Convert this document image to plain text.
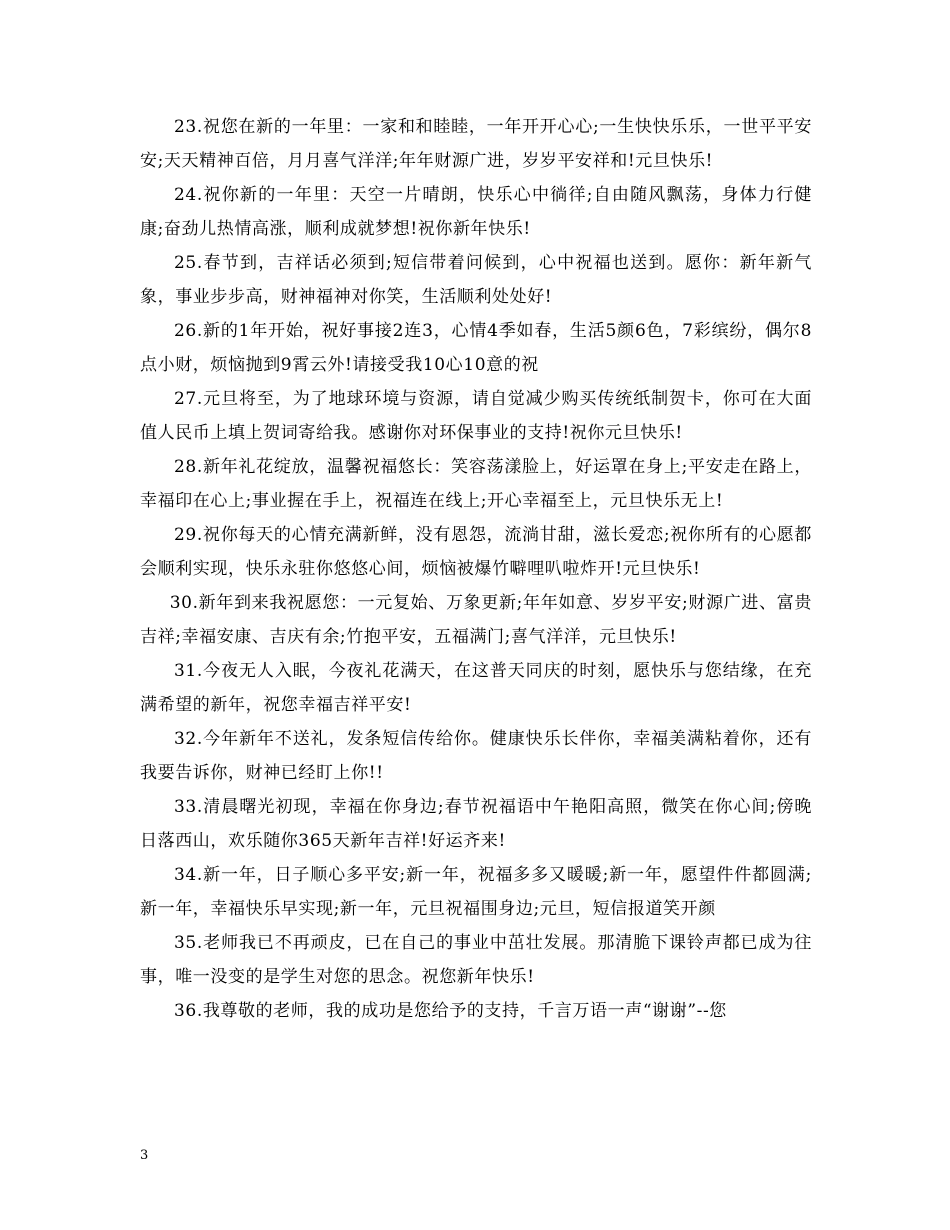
23.祝您在新的一年里：一家和和睦睦，一年开开心心;一生快快乐乐，一世平平安安;天天精神百倍，月月喜气洋洋;年年财源广进，岁岁平安祥和!元旦快乐!

24.祝你新的一年里：天空一片晴朗，快乐心中徜徉;自由随风飘荡，身体力行健康;奋劲儿热情高涨，顺利成就梦想!祝你新年快乐!

25.春节到，吉祥话必须到;短信带着问候到，心中祝福也送到。愿你：新年新气象，事业步步高，财神福神对你笑，生活顺利处处好!

26.新的1年开始，祝好事接2连3，心情4季如春，生活5颜6色，7彩缤纷，偶尔8点小财，烦恼抛到9霄云外!请接受我10心10意的祝

27.元旦将至，为了地球环境与资源，请自觉减少购买传统纸制贺卡，你可在大面值人民币上填上贺词寄给我。感谢你对环保事业的支持!祝你元旦快乐!

28.新年礼花绽放，温馨祝福悠长：笑容荡漾脸上，好运罩在身上;平安走在路上，幸福印在心上;事业握在手上，祝福连在线上;开心幸福至上，元旦快乐无上!

29.祝你每天的心情充满新鲜，没有恩怨，流淌甘甜，滋长爱恋;祝你所有的心愿都会顺利实现，快乐永驻你悠悠心间，烦恼被爆竹噼哩叭啦炸开!元旦快乐!

30.新年到来我祝愿您：一元复始、万象更新;年年如意、岁岁平安;财源广进、富贵吉祥;幸福安康、吉庆有余;竹抱平安，五福满门;喜气洋洋，元旦快乐!

31.今夜无人入眠，今夜礼花满天，在这普天同庆的时刻，愿快乐与您结缘，在充满希望的新年，祝您幸福吉祥平安!

32.今年新年不送礼，发条短信传给你。健康快乐长伴你，幸福美满粘着你，还有我要告诉你，财神已经盯上你!!

33.清晨曙光初现，幸福在你身边;春节祝福语中午艳阳高照，微笑在你心间;傍晚日落西山，欢乐随你365天新年吉祥!好运齐来!

34.新一年，日子顺心多平安;新一年，祝福多多又暖暖;新一年，愿望件件都圆满;新一年，幸福快乐早实现;新一年，元旦祝福围身边;元旦，短信报道笑开颜

35.老师我已不再顽皮，已在自己的事业中茁壮发展。那清脆下课铃声都已成为往事，唯一没变的是学生对您的思念。祝您新年快乐!

36.我尊敬的老师，我的成功是您给予的支持，千言万语一声“谢谢”--您

3
